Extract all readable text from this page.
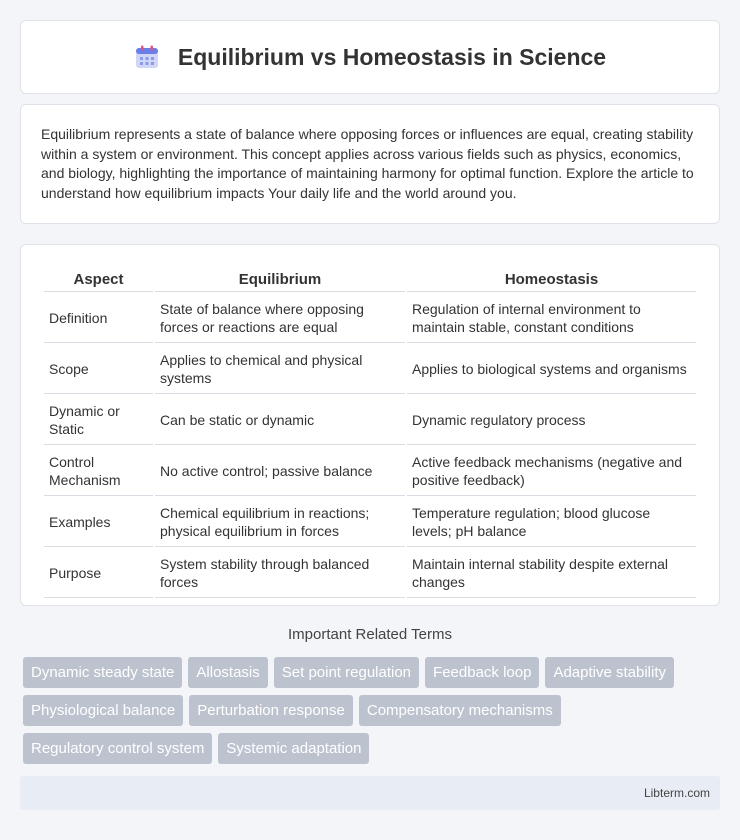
Equilibrium vs Homeostasis in Science

Equilibrium represents a state of balance where opposing forces or influences are equal, creating stability within a system or environment. This concept applies across various fields such as physics, economics, and biology, highlighting the importance of maintaining harmony for optimal function. Explore the article to understand how equilibrium impacts Your daily life and the world around you.

Aspect	Equilibrium	Homeostasis
Definition	State of balance where opposing forces or reactions are equal	Regulation of internal environment to maintain stable, constant conditions
Scope	Applies to chemical and physical systems	Applies to biological systems and organisms
Dynamic or Static	Can be static or dynamic	Dynamic regulatory process
Control Mechanism	No active control; passive balance	Active feedback mechanisms (negative and positive feedback)
Examples	Chemical equilibrium in reactions; physical equilibrium in forces	Temperature regulation; blood glucose levels; pH balance
Purpose	System stability through balanced forces	Maintain internal stability despite external changes
Important Related Terms
Dynamic steady state	Allostasis	Set point regulation	Feedback loop	Adaptive stability
Physiological balance	Perturbation response	Compensatory mechanisms
Regulatory control system	Systemic adaptation
Libterm.com
